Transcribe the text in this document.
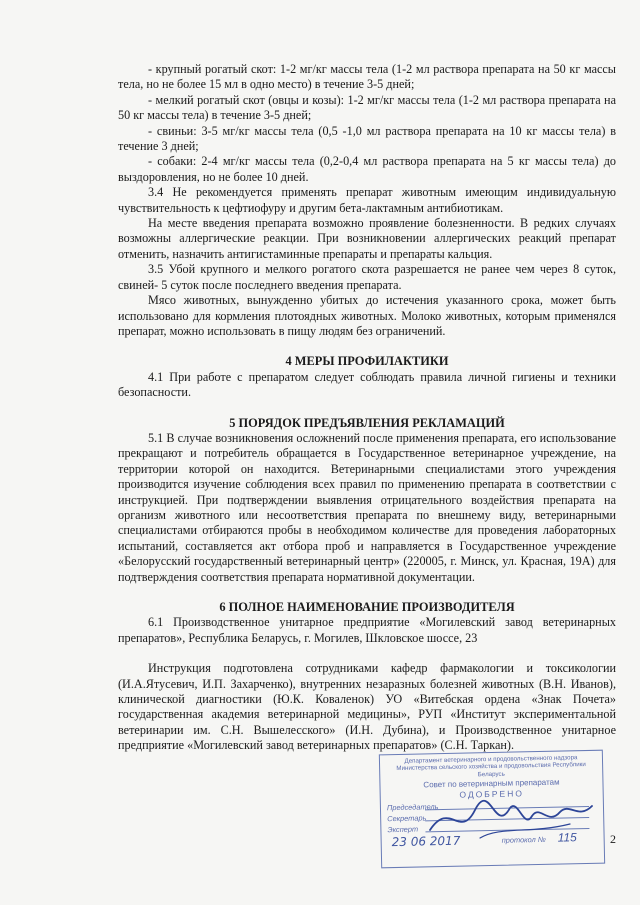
- крупный рогатый скот: 1-2 мг/кг массы тела (1-2 мл раствора препарата на 50 кг массы тела, но не более 15 мл в одно место) в течение 3-5 дней;

- мелкий рогатый скот (овцы и козы): 1-2 мг/кг массы тела (1-2 мл раствора препарата на 50 кг массы тела) в течение 3-5 дней;

- свиньи: 3-5 мг/кг массы тела (0,5 -1,0 мл раствора препарата на 10 кг массы тела) в течение 3 дней;

- собаки: 2-4 мг/кг массы тела (0,2-0,4 мл раствора препарата на 5 кг массы тела) до выздоровления, но не более 10 дней.

3.4 Не рекомендуется применять препарат животным имеющим индивидуальную чувствительность к цефтиофуру и другим бета-лактамным антибиотикам.

На месте введения препарата возможно проявление болезненности. В редких случаях возможны аллергические реакции. При возникновении аллергических реакций препарат отменить, назначить антигистаминные препараты и препараты кальция.

3.5 Убой крупного и мелкого рогатого скота разрешается не ранее чем через 8 суток, свиней- 5 суток после последнего введения препарата.

Мясо животных, вынужденно убитых до истечения указанного срока, может быть использовано для кормления плотоядных животных. Молоко животных, которым применялся препарат, можно использовать в пищу людям без ограничений.

4 МЕРЫ ПРОФИЛАКТИКИ

4.1 При работе с препаратом следует соблюдать правила личной гигиены и техники безопасности.

5 ПОРЯДОК ПРЕДЪЯВЛЕНИЯ РЕКЛАМАЦИЙ

5.1 В случае возникновения осложнений после применения препарата, его использование прекращают и потребитель обращается в Государственное ветеринарное учреждение, на территории которой он находится. Ветеринарными специалистами этого учреждения производится изучение соблюдения всех правил по применению препарата в соответствии с инструкцией. При подтверждении выявления отрицательного воздействия препарата на организм животного или несоответствия препарата по внешнему виду, ветеринарными специалистами отбираются пробы в необходимом количестве для проведения лабораторных испытаний, составляется акт отбора проб и направляется в Государственное учреждение «Белорусский государственный ветеринарный центр» (220005, г. Минск, ул. Красная, 19А) для подтверждения соответствия препарата нормативной документации.

6 ПОЛНОЕ НАИМЕНОВАНИЕ ПРОИЗВОДИТЕЛЯ

6.1 Производственное унитарное предприятие «Могилевский завод ветеринарных препаратов», Республика Беларусь, г. Могилев, Шкловское шоссе, 23

Инструкция подготовлена сотрудниками кафедр фармакологии и токсикологии (И.А.Ятусевич, И.П. Захарченко), внутренних незаразных болезней животных (В.Н. Иванов), клинической диагностики (Ю.К. Коваленок) УО «Витебская ордена «Знак Почета» государственная академия ветеринарной медицины», РУП «Институт экспериментальной ветеринарии им. С.Н. Вышелесского» (И.Н. Дубина), и Производственное унитарное предприятие «Могилевский завод ветеринарных препаратов» (С.Н. Таркан).

Департамент ветеринарного и продовольственного надзора Министерства сельского хозяйства и продовольствия Республики Беларусь
Совет по ветеринарным препаратам
ОДОБРЕНО
Председатель
Секретарь
Эксперт
23 06 2017	протокол № 115	2
